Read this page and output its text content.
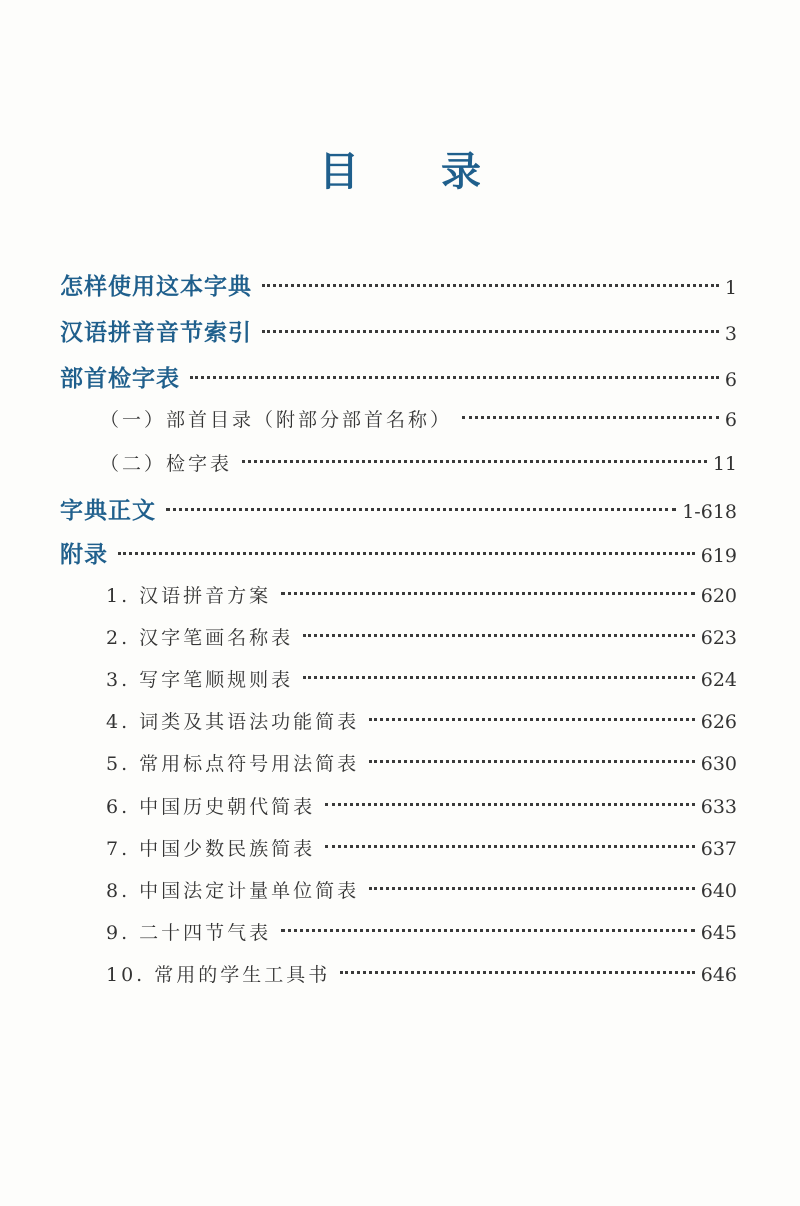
目 录
怎样使用这本字典	1
汉语拼音音节索引	3
部首检字表	6
（一）部首目录（附部分部首名称）	6
（二）检字表	11
字典正文	1-618
附录	619
1. 汉语拼音方案	620
2. 汉字笔画名称表	623
3. 写字笔顺规则表	624
4. 词类及其语法功能简表	626
5. 常用标点符号用法简表	630
6. 中国历史朝代简表	633
7. 中国少数民族简表	637
8. 中国法定计量单位简表	640
9. 二十四节气表	645
10. 常用的学生工具书	646
